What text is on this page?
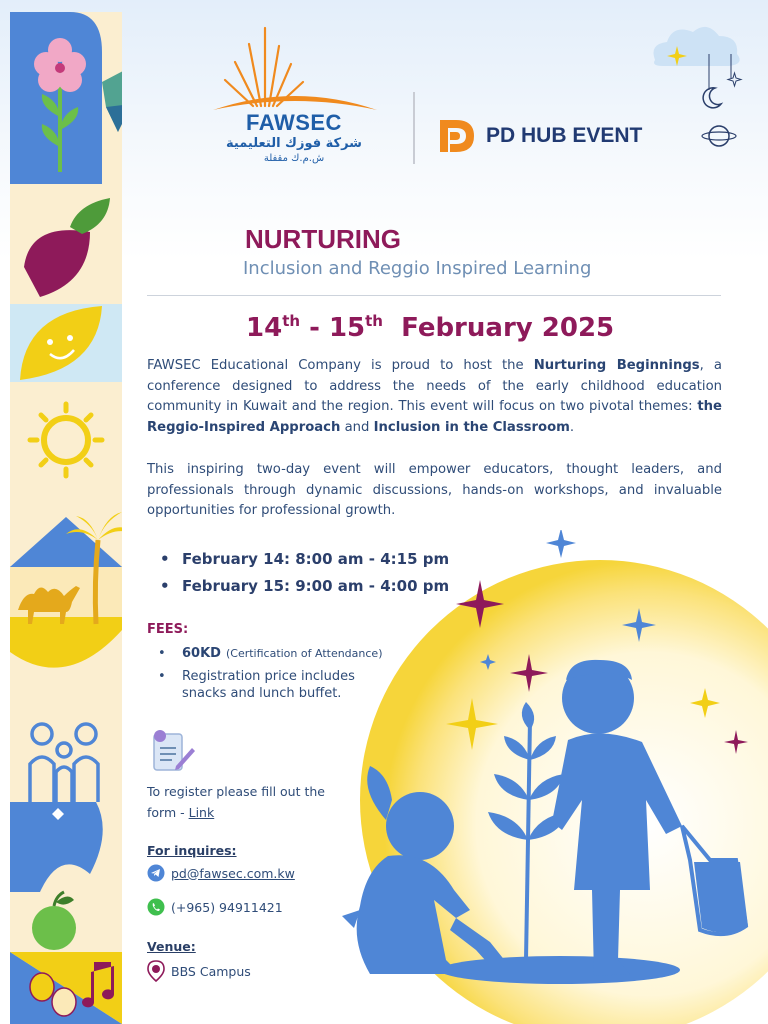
FAWSEC
شركة فوزك التعليمية
ش.م.ك مقفلة
PD HUB EVENT
NURTURING
Inclusion and Reggio Inspired Learning
14th - 15th February 2025

FAWSEC Educational Company is proud to host the Nurturing Beginnings, a conference designed to address the needs of the early childhood education community in Kuwait and the region. This event will focus on two pivotal themes: the Reggio-Inspired Approach and Inclusion in the Classroom.

This inspiring two-day event will empower educators, thought leaders, and professionals through dynamic discussions, hands-on workshops, and invaluable opportunities for professional growth.

• February 14: 8:00 am - 4:15 pm
• February 15: 9:00 am - 4:00 pm
FEES:
• 60KD (Certification of Attendance)
• Registration price includes snacks and lunch buffet.
To register please fill out the form - Link
For inquires:
pd@fawsec.com.kw
(+965) 94911421
Venue:
BBS Campus
